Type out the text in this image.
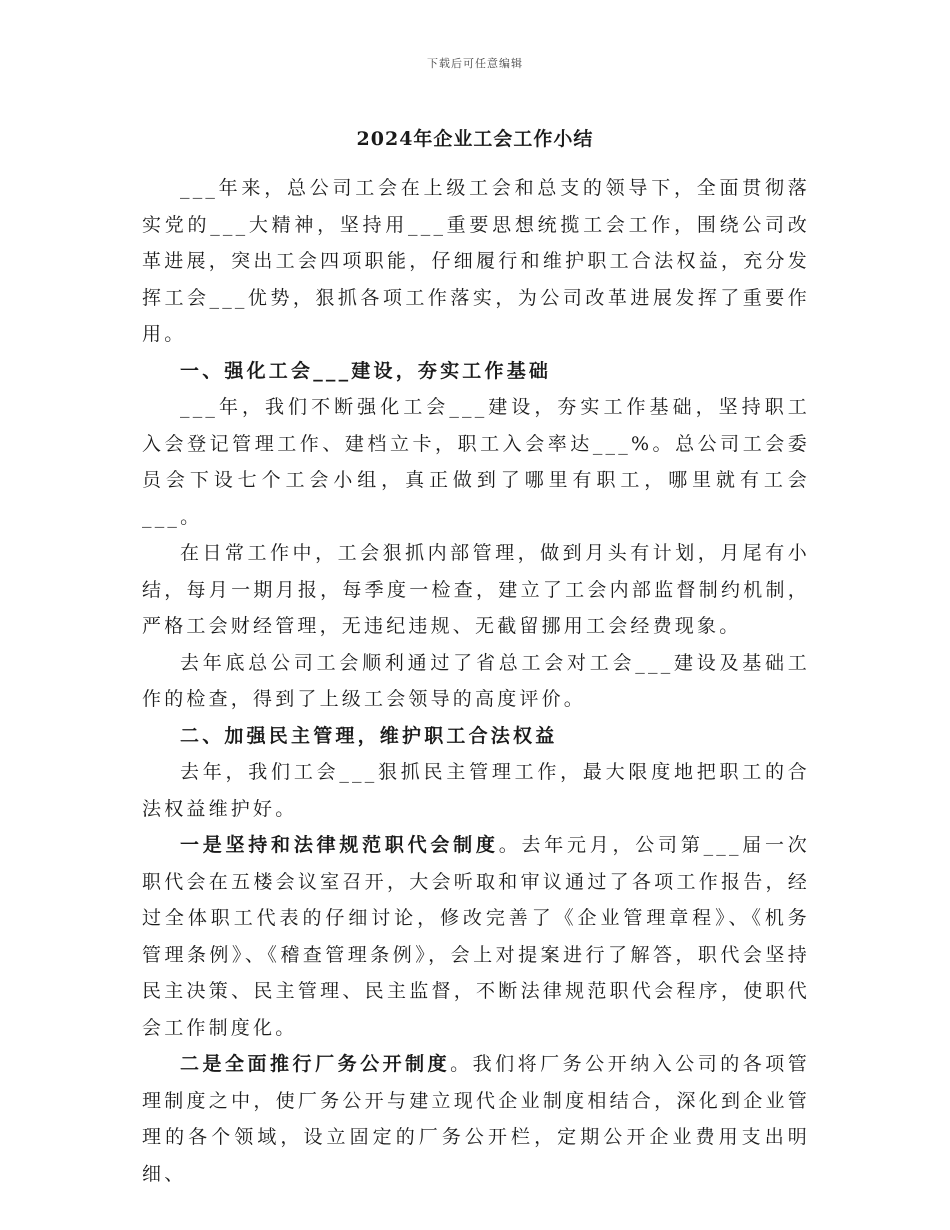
下载后可任意编辑
2024年企业工会工作小结

___年来，总公司工会在上级工会和总支的领导下，全面贯彻落实党的___大精神，坚持用___重要思想统揽工会工作，围绕公司改革进展，突出工会四项职能，仔细履行和维护职工合法权益，充分发挥工会___优势，狠抓各项工作落实，为公司改革进展发挥了重要作用。

一、强化工会___建设，夯实工作基础

___年，我们不断强化工会___建设，夯实工作基础，坚持职工入会登记管理工作、建档立卡，职工入会率达___%。总公司工会委员会下设七个工会小组，真正做到了哪里有职工，哪里就有工会___。

在日常工作中，工会狠抓内部管理，做到月头有计划，月尾有小结，每月一期月报，每季度一检查，建立了工会内部监督制约机制，严格工会财经管理，无违纪违规、无截留挪用工会经费现象。

去年底总公司工会顺利通过了省总工会对工会___建设及基础工作的检查，得到了上级工会领导的高度评价。

二、加强民主管理，维护职工合法权益

去年，我们工会___狠抓民主管理工作，最大限度地把职工的合法权益维护好。

一是坚持和法律规范职代会制度。去年元月，公司第___届一次职代会在五楼会议室召开，大会听取和审议通过了各项工作报告，经过全体职工代表的仔细讨论，修改完善了《企业管理章程》、《机务管理条例》、《稽查管理条例》，会上对提案进行了解答，职代会坚持民主决策、民主管理、民主监督，不断法律规范职代会程序，使职代会工作制度化。

二是全面推行厂务公开制度。我们将厂务公开纳入公司的各项管理制度之中，使厂务公开与建立现代企业制度相结合，深化到企业管理的各个领域，设立固定的厂务公开栏，定期公开企业费用支出明细、
